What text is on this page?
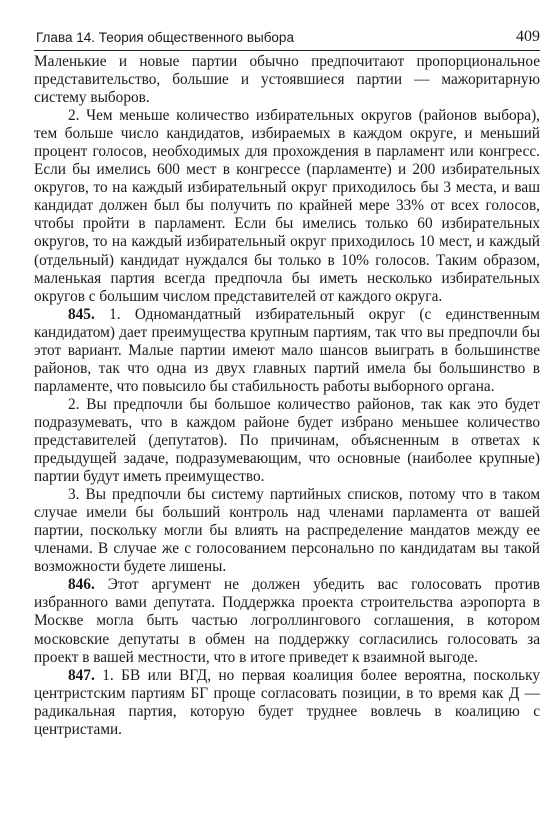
Глава 14. Теория общественного выбора	409

Маленькие и новые партии обычно предпочитают пропорциональное представительство, большие и устоявшиеся партии — мажоритарную систему выборов.

2. Чем меньше количество избирательных округов (районов выбора), тем больше число кандидатов, избираемых в каждом округе, и меньший процент голосов, необходимых для прохождения в парламент или конгресс. Если бы имелись 600 мест в конгрессе (парламенте) и 200 избирательных округов, то на каждый избирательный округ приходилось бы 3 места, и ваш кандидат должен был бы получить по крайней мере 33% от всех голосов, чтобы пройти в парламент. Если бы имелись только 60 избирательных округов, то на каждый избирательный округ приходилось 10 мест, и каждый (отдельный) кандидат нуждался бы только в 10% голосов. Таким образом, маленькая партия всегда предпочла бы иметь несколько избирательных округов с большим числом представителей от каждого округа.

845. 1. Одномандатный избирательный округ (с единственным кандидатом) дает преимущества крупным партиям, так что вы предпочли бы этот вариант. Малые партии имеют мало шансов выиграть в большинстве районов, так что одна из двух главных партий имела бы большинство в парламенте, что повысило бы стабильность работы выборного органа.

2. Вы предпочли бы большое количество районов, так как это будет подразумевать, что в каждом районе будет избрано меньшее количество представителей (депутатов). По причинам, объясненным в ответах к предыдущей задаче, подразумевающим, что основные (наиболее крупные) партии будут иметь преимущество.

3. Вы предпочли бы систему партийных списков, потому что в таком случае имели бы больший контроль над членами парламента от вашей партии, поскольку могли бы влиять на распределение мандатов между ее членами. В случае же с голосованием персонально по кандидатам вы такой возможности будете лишены.

846. Этот аргумент не должен убедить вас голосовать против избранного вами депутата. Поддержка проекта строительства аэропорта в Москве могла быть частью логроллингового соглашения, в котором московские депутаты в обмен на поддержку согласились голосовать за проект в вашей местности, что в итоге приведет к взаимной выгоде.

847. 1. БВ или ВГД, но первая коалиция более вероятна, поскольку центристским партиям БГ проще согласовать позиции, в то время как Д — радикальная партия, которую будет труднее вовлечь в коалицию с центристами.
